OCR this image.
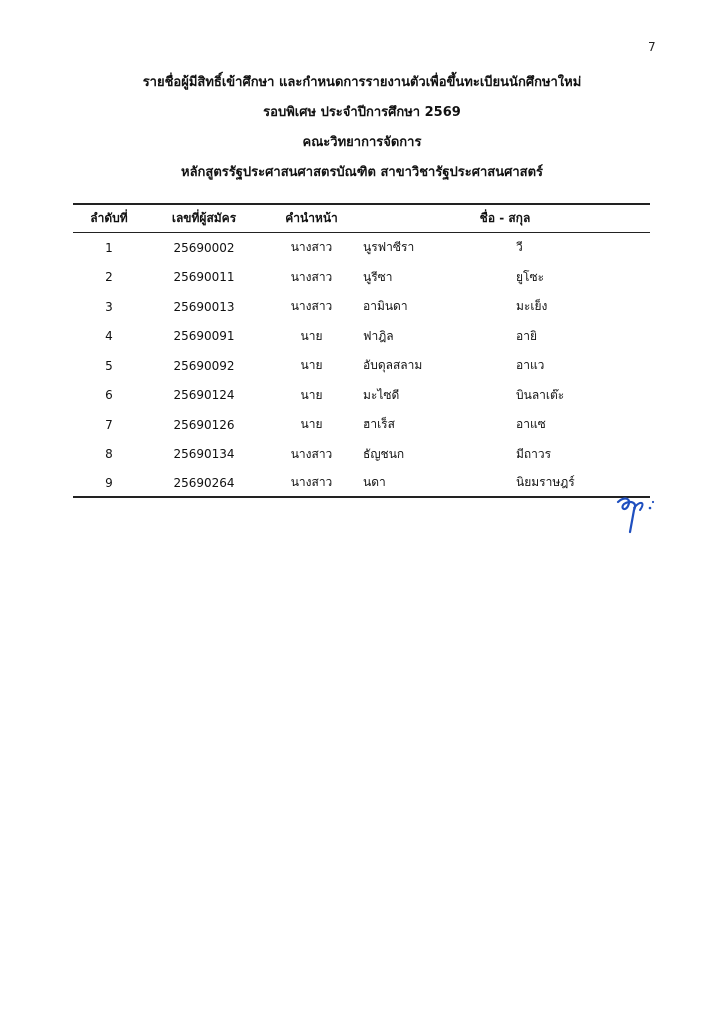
7
รายชื่อผู้มีสิทธิ์เข้าศึกษา และกำหนดการรายงานตัวเพื่อขึ้นทะเบียนนักศึกษาใหม่
รอบพิเศษ ประจำปีการศึกษา 2569
คณะวิทยาการจัดการ
หลักสูตรรัฐประศาสนศาสตรบัณฑิต สาขาวิชารัฐประศาสนศาสตร์
ลำดับที่	เลขที่ผู้สมัคร	คำนำหน้า	ชื่อ - สกุล	
1	25690002	นางสาว	นูรฟาซีรา	วี
2	25690011	นางสาว	นูรีซา	ยูโซะ
3	25690013	นางสาว	อามินดา	มะเย็ง
4	25690091	นาย	ฟาฎิล	อายิ
5	25690092	นาย	อับดุลสลาม	อาแว
6	25690124	นาย	มะไซดี	บินลาเต๊ะ
7	25690126	นาย	ฮาเร็ส	อาแซ
8	25690134	นางสาว	ธัญชนก	มีถาวร
9	25690264	นางสาว	นดา	นิยมราษฎร์
